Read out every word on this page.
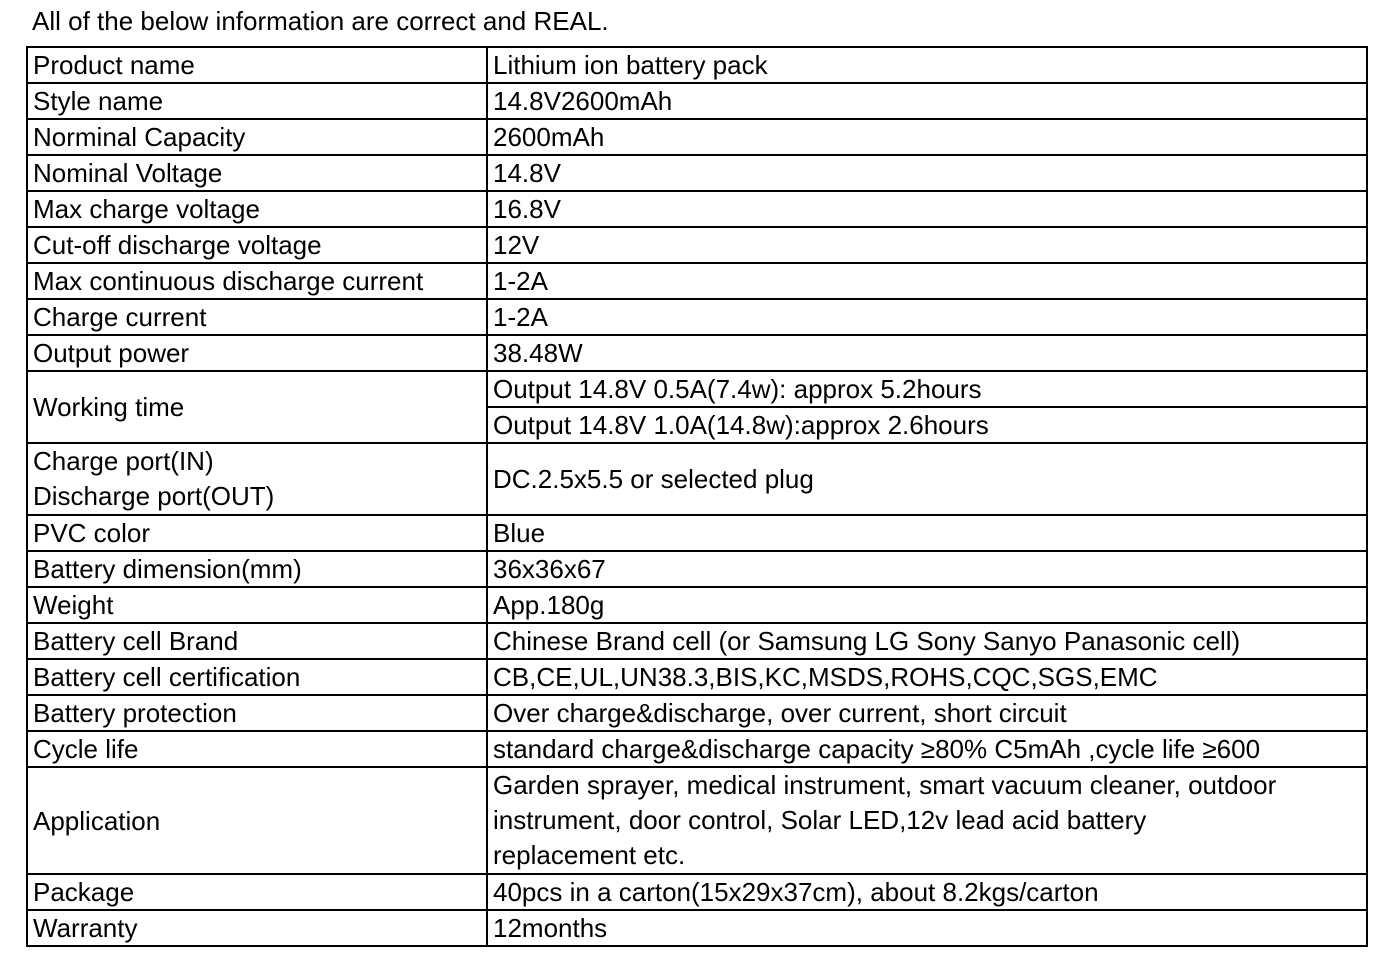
All of the below information are correct and REAL.
Product name	Lithium ion battery pack
Style name	14.8V2600mAh
Norminal Capacity	2600mAh
Nominal Voltage	14.8V
Max charge voltage	16.8V
Cut-off discharge voltage	12V
Max continuous discharge current	1-2A
Charge current	1-2A
Output power	38.48W
Working time	Output 14.8V 0.5A(7.4w): approx 5.2hours
	Output 14.8V 1.0A(14.8w):approx 2.6hours

Charge port(IN)
Discharge port(OUT)	DC.2.5x5.5 or selected plug
PVC color	Blue
Battery dimension(mm)	36x36x67
Weight	App.180g
Battery cell Brand	Chinese Brand cell (or Samsung LG Sony Sanyo Panasonic cell)
Battery cell certification	CB,CE,UL,UN38.3,BIS,KC,MSDS,ROHS,CQC,SGS,EMC
Battery protection	Over charge&discharge, over current, short circuit
Cycle life	standard charge&discharge capacity ≥80% C5mAh ,cycle life ≥600
Application	Garden sprayer, medical instrument, smart vacuum cleaner, outdoor
instrument, door control, Solar LED,12v lead acid battery
replacement etc.

Package	40pcs in a carton(15x29x37cm), about 8.2kgs/carton
Warranty	12months
